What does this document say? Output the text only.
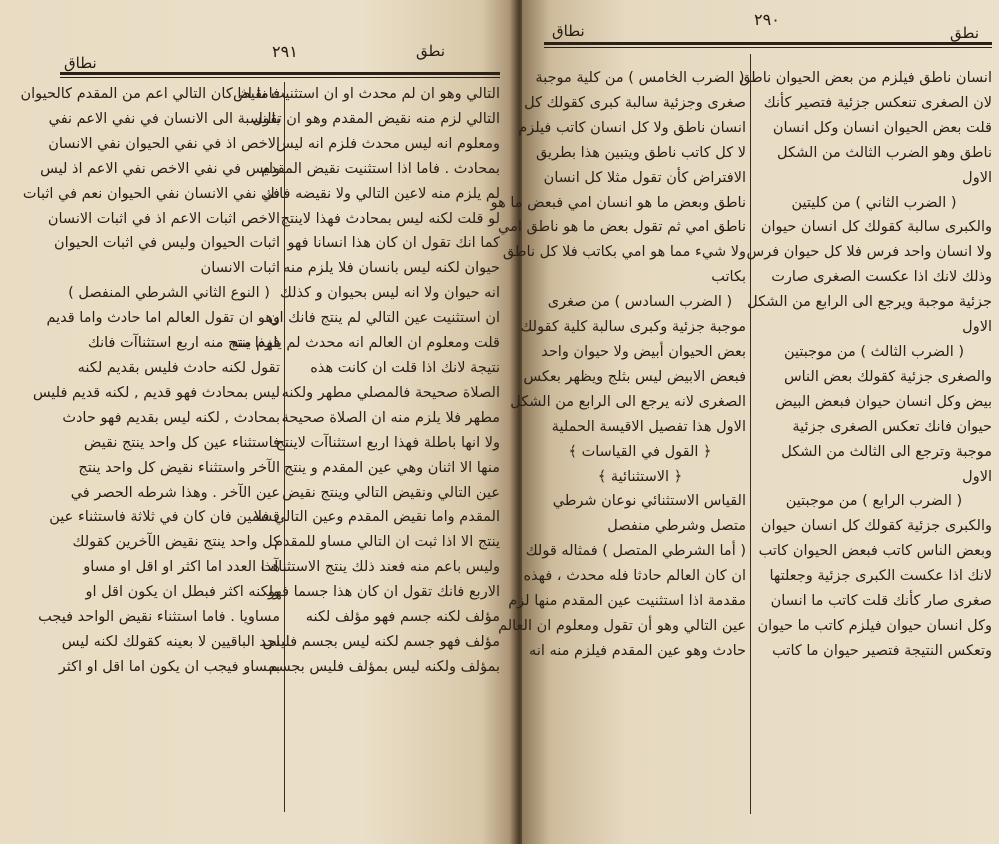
نطاق
٢٩١	نطق
التالي وهو ان لم محدث او ان استثنيت نقيض
التالي لزم منه نقيض المقدم وهو ان تقول
ومعلوم انه ليس محدث فلزم انه ليس
بمحادث . فاما اذا استثنيت نقيض المقدم
لم يلزم منه لاعين التالي ولا نقيضه فانك
لو قلت لكنه ليس بمحادث فهذا لاينتج
كما انك تقول ان كان هذا انسانا فهو
حيوان لكنه ليس بانسان فلا يلزم منه
انه حيوان ولا انه ليس بحيوان و كذلك
ان استثنيت عين التالي لم ينتج فانك ان
قلت ومعلوم ان العالم انه محدث لم يلزم منه
نتيجة لانك اذا قلت ان كانت هذه
الصلاة صحيحة فالمصلي مطهر ولكنه
مطهر فلا يلزم منه ان الصلاة صحيحة
ولا انها باطلة فهذا اربع استثناآت لاينتج
منها الا اثنان وهي عين المقدم و ينتج
عين التالي ونقيض التالي وينتج نقيض
المقدم واما نقيض المقدم وعين التالي فلا
ينتج الا اذا ثبت ان التالي مساو للمقدم
وليس باعم منه فعند ذلك ينتج الاستثناآت
الاربع فانك تقول ان كان هذا جسما فهو
مؤلف لكنه جسم فهو مؤلف لكنه
مؤلف فهو جسم لكنه ليس بجسم فليس
بمؤلف ولكنه ليس بمؤلف فليس بجسم
فاما اذا كان التالي اعم من المقدم كالحيوان
بالنسبة الى الانسان في نفي الاعم نفي
الاخص اذ في نفي الحيوان نفي الانسان
وليس في نفي الاخص نفي الاعم اذ ليس
في نفي الانسان نفي الحيوان نعم في اثبات
الاخص اثبات الاعم اذ في اثبات الانسان
اثبات الحيوان وليس في اثبات الحيوان
اثبات الانسان
( النوع الثاني الشرطي المنفصل )
وهو ان تقول العالم اما حادث واما قديم
فهذا ينتج منه اربع استثناآت فانك
تقول لكنه حادث فليس بقديم لكنه
ليس بمحادث فهو قديم , لكنه قديم فليس
بمحادث , لكنه ليس بقديم فهو حادث
فاستثناء عين كل واحد ينتج نقيض
الآخر واستثناء نقيض كل واحد ينتج
عين الآخر . وهذا شرطه الحصر في
قسمين فان كان في ثلاثة فاستثناء عين
كل واحد ينتج نقيض الآخرين كقولك
هذا العدد اما اكثر او اقل او مساو
ولكنه اكثر فبطل ان يكون اقل او
مساويا . فاما استثناء نقيض الواحد فيجب
احد الباقيين لا بعينه كقولك لكنه ليس
بمساو فيجب ان يكون اما اقل او اكثر
نطاق
٢٩٠
نطق
انسان ناطق فيلزم من بعض الحيوان ناطق
لان الصغرى تنعكس جزئية فتصير كأنك
قلت بعض الحيوان انسان وكل انسان
ناطق وهو الضرب الثالث من الشكل
الاول
( الضرب الثاني ) من كليتين
والكبرى سالبة كقولك كل انسان حيوان
ولا انسان واحد فرس فلا كل حيوان فرس
وذلك لانك اذا عكست الصغرى صارت
جزئية موجبة ويرجع الى الرابع من الشكل
الاول
( الضرب الثالث ) من موجبتين
والصغرى جزئية كقولك بعض الناس
بيض وكل انسان حيوان فبعض البيض
حيوان فانك تعكس الصغرى جزئية
موجبة وترجع الى الثالث من الشكل
الاول
( الضرب الرابع ) من موجبتين
والكبرى جزئية كقولك كل انسان حيوان
وبعض الناس كاتب فبعض الحيوان كاتب
لانك اذا عكست الكبرى جزئية وجعلتها
صغرى صار كأنك قلت كاتب ما انسان
وكل انسان حيوان فيلزم كاتب ما حيوان
وتعكس النتيجة فتصير حيوان ما كاتب
( الضرب الخامس ) من كلية موجبة
صغرى وجزئية سالبة كبرى كقولك كل
انسان ناطق ولا كل انسان كاتب فيلزم
لا كل كاتب ناطق ويتبين هذا بطريق
الافتراض كأن تقول مثلا كل انسان
ناطق وبعض ما هو انسان امي فبعض ما هو
ناطق امي ثم تقول بعض ما هو ناطق امي
ولا شيء مما هو امي بكاتب فلا كل ناطق
بكاتب
( الضرب السادس ) من صغرى
موجبة جزئية وكبرى سالبة كلية كقولك
بعض الحيوان أبيض ولا حيوان واحد
فبعض الابيض ليس بثلج ويظهر بعكس
الصغرى لانه يرجع الى الرابع من الشكل
الاول هذا تفصيل الاقيسة الحملية
﴿ القول في القياسات ﴾
﴿ الاستثنائية ﴾
القياس الاستثنائي نوعان شرطي
متصل وشرطي منفصل
( أما الشرطي المتصل ) فمثاله قولك
ان كان العالم حادثا فله محدث ، فهذه
مقدمة اذا استثنيت عين المقدم منها لزم
عين التالي وهو أن تقول ومعلوم ان العالم
حادث وهو عين المقدم فيلزم منه انه
